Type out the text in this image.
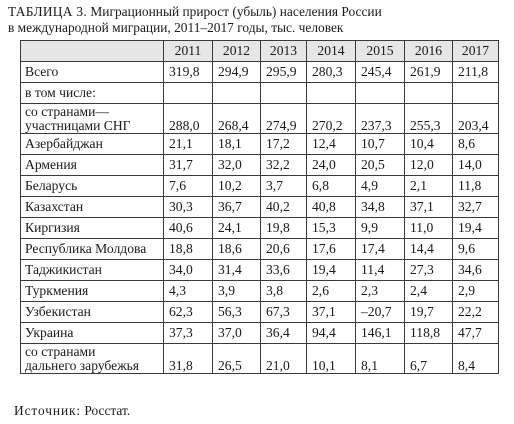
ТАБЛИЦА 3. Миграционный прирост (убыль) населения России
в международной миграции, 2011–2017 годы, тыс. человек
	2011	2012	2013	2014	2015	2016	2017

Всего	319,8	294,9	295,9	280,3	245,4	261,9	211,8

в том числе:							

со странами—
участницами СНГ	288,0	268,4	274,9	270,2	237,3	255,3	203,4

Азербайджан	21,1	18,1	17,2	12,4	10,7	10,4	8,6

Армения	31,7	32,0	32,2	24,0	20,5	12,0	14,0

Беларусь	7,6	10,2	3,7	6,8	4,9	2,1	11,8

Казахстан	30,3	36,7	40,2	40,8	34,8	37,1	32,7

Киргизия	40,6	24,1	19,8	15,3	9,9	11,0	19,4

Республика Молдова	18,8	18,6	20,6	17,6	17,4	14,4	9,6

Таджикистан	34,0	31,4	33,6	19,4	11,4	27,3	34,6

Туркмения	4,3	3,9	3,8	2,6	2,3	2,4	2,9

Узбекистан	62,3	56,3	67,3	37,1	–20,7	19,7	22,2

Украина	37,3	37,0	36,4	94,4	146,1	118,8	47,7

со странами
дальнего зарубежья	31,8	26,5	21,0	10,1	8,1	6,7	8,4
Источник: Росстат.
